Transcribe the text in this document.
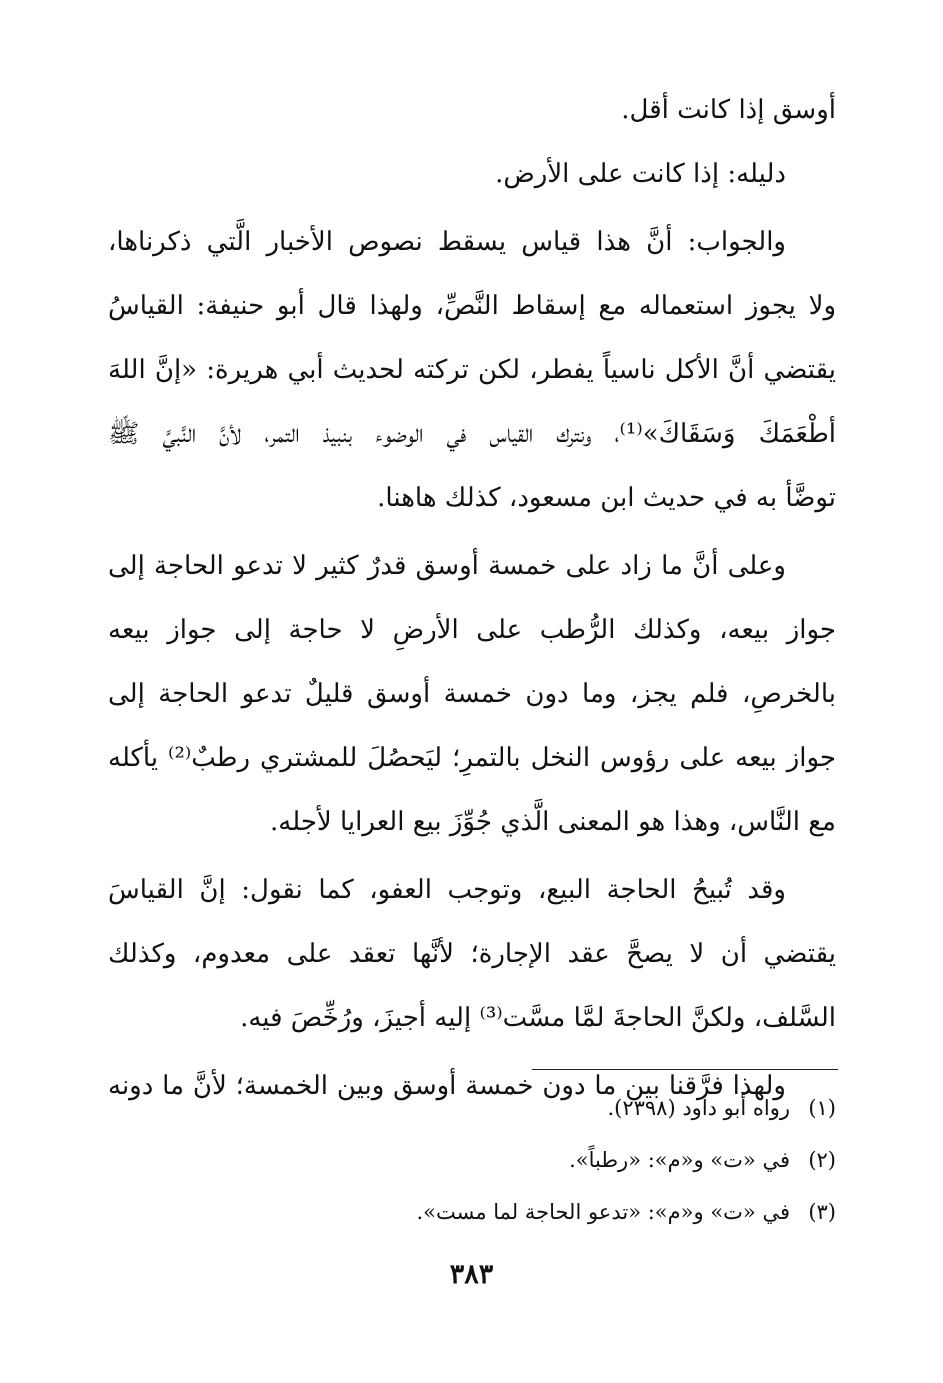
أوسق إذا كانت أقل.
دليله: إذا كانت على الأرض.
والجواب: أنَّ هذا قياس يسقط نصوص الأخبار الَّتي ذكرناها،
ولا يجوز استعماله مع إسقاط النَّصِّ، ولهذا قال أبو حنيفة: القياسُ
يقتضي أنَّ الأكل ناسياً يفطر، لكن تركته لحديث أبي هريرة: «إنَّ اللهَ
أطْعَمَكَ وَسَقَاكَ»⁽¹⁾، ونترك القياس في الوضوء بنبيذ التمر، لأنَّ النَّبيَّ ﷺ
توضَّأ به في حديث ابن مسعود، كذلك هاهنا.
وعلى أنَّ ما زاد على خمسة أوسق قدرٌ كثير لا تدعو الحاجة إلى
جواز بيعه، وكذلك الرُّطب على الأرضِ لا حاجة إلى جواز بيعه
بالخرصِ، فلم يجز، وما دون خمسة أوسق قليلٌ تدعو الحاجة إلى
جواز بيعه على رؤوس النخل بالتمرِ؛ ليَحصُلَ للمشتري رطبٌ⁽²⁾ يأكله
مع النَّاس، وهذا هو المعنى الَّذي جُوِّزَ بيع العرايا لأجله.
وقد تُبيحُ الحاجة البيع، وتوجب العفو، كما نقول: إنَّ القياسَ
يقتضي أن لا يصحَّ عقد الإجارة؛ لأنَّها تعقد على معدوم، وكذلك
السَّلف، ولكنَّ الحاجةَ لمَّا مسَّت⁽³⁾ إليه أجيزَ، ورُخِّصَ فيه.
ولهذا فرَّقنا بين ما دون خمسة أوسق وبين الخمسة؛ لأنَّ ما دونه
(١)رواه أبو داود (٢٣٩٨).
(٢)في «ت» و«م»: «رطباً».
(٣)في «ت» و«م»: «تدعو الحاجة لما مست».
٣٨٣
